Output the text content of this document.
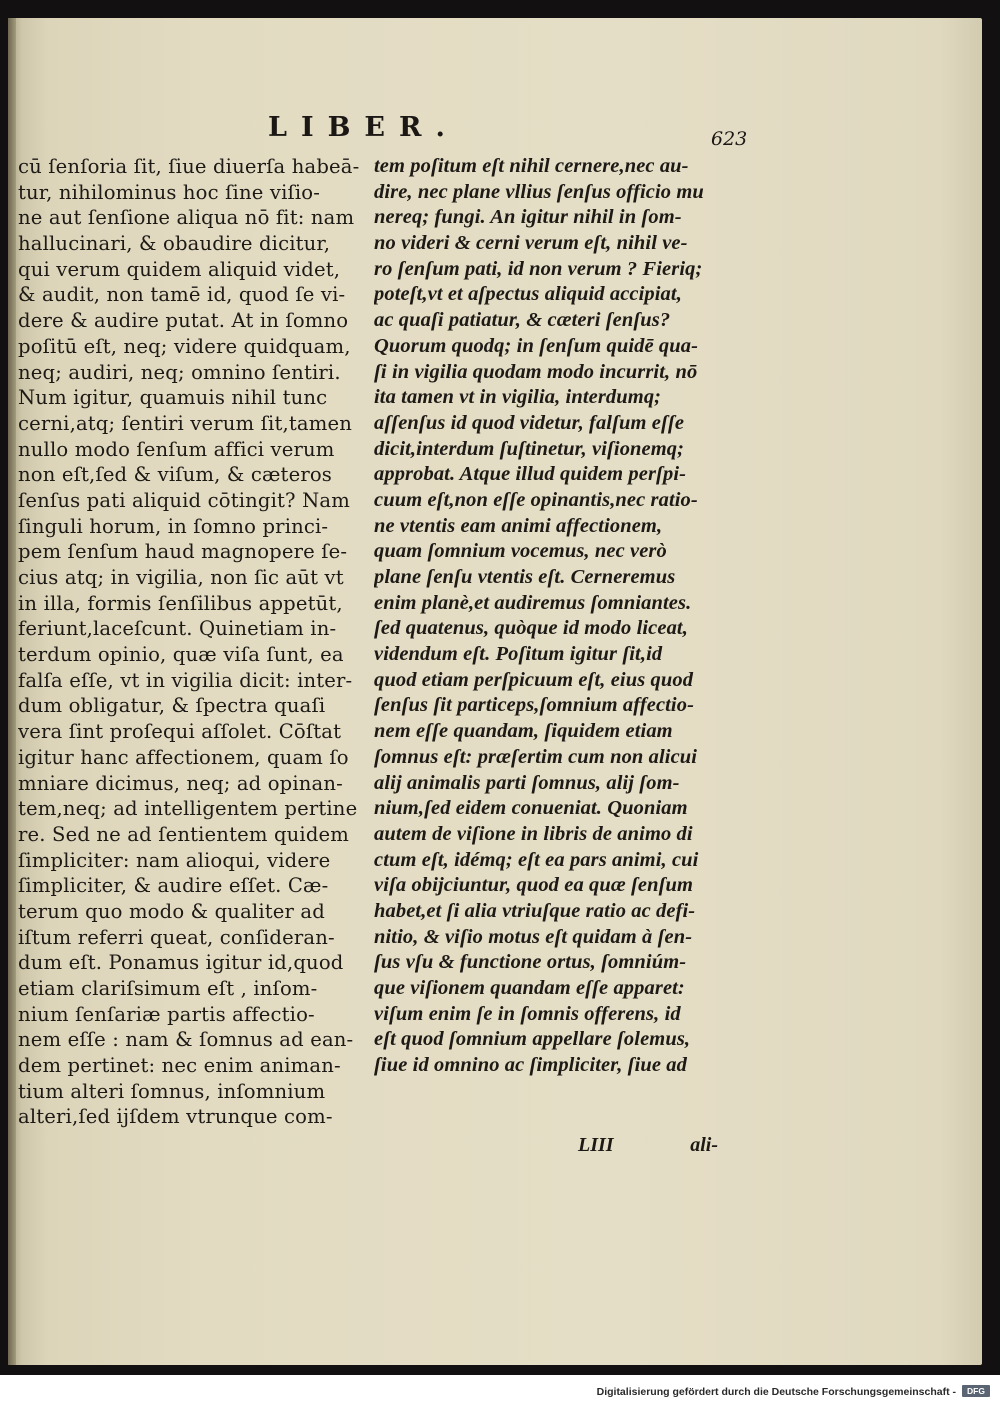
LIBER.	623
cū ſenſoria ſit, ſiue diuerſa habeā-
tur, nihilominus hoc ſine viſio-
ne aut ſenſione aliqua nō fit: nam
hallucinari, & obaudire dicitur,
qui verum quidem aliquid videt,
& audit, non tamē id, quod ſe vi-
dere & audire putat. At in ſomno
poſitū eſt, neq; videre quidquam,
neq; audiri, neq; omnino ſentiri.
Num igitur, quamuis nihil tunc
cerni,atq; ſentiri verum ſit,tamen
nullo modo ſenſum affici verum
non eſt,ſed & viſum, & cæteros
ſenſus pati aliquid cōtingit? Nam
ſinguli horum, in ſomno princi-
pem ſenſum haud magnopere ſe-
cius atq; in vigilia, non ſic aūt vt
in illa, formis ſenſilibus appetūt,
feriunt,laceſcunt. Quinetiam in-
terdum opinio, quæ viſa ſunt, ea
falſa eſſe, vt in vigilia dicit: inter-
dum obligatur, & ſpectra quaſi
vera ſint proſequi aſſolet. Cōſtat
igitur hanc affectionem, quam ſo
mniare dicimus, neq; ad opinan-
tem,neq; ad intelligentem pertine
re. Sed ne ad ſentientem quidem
ſimpliciter: nam alioqui, videre
ſimpliciter, & audire eſſet. Cæ-
terum quo modo & qualiter ad
iſtum referri queat, conſideran-
dum eſt. Ponamus igitur id,quod
etiam clariſsimum eſt , inſom-
nium ſenſariæ partis affectio-
nem eſſe : nam & ſomnus ad ean-
dem pertinet: nec enim animan-
tium alteri ſomnus, inſomnium
alteri,ſed ijſdem vtrunque com-
tem poſitum eſt nihil cernere,nec au-
dire, nec plane vllius ſenſus officio mu
nereq; fungi. An igitur nihil in ſom-
no videri & cerni verum eſt, nihil ve-
ro ſenſum pati, id non verum ? Fieriq;
poteſt,vt et aſpectus aliquid accipiat,
ac quaſi patiatur, & cæteri ſenſus?
Quorum quodq; in ſenſum quidē qua-
ſi in vigilia quodam modo incurrit, nō
ita tamen vt in vigilia, interdumq;
aſſenſus id quod videtur, falſum eſſe
dicit,interdum ſuſtinetur, viſionemq;
approbat. Atque illud quidem perſpi-
cuum eſt,non eſſe opinantis,nec ratio-
ne vtentis eam animi affectionem,
quam ſomnium vocemus, nec verò
plane ſenſu vtentis eſt. Cerneremus
enim planè,et audiremus ſomniantes.
ſed quatenus, quòque id modo liceat,
videndum eſt. Poſitum igitur ſit,id
quod etiam perſpicuum eſt, eius quod
ſenſus ſit particeps,ſomnium affectio-
nem eſſe quandam, ſiquidem etiam
ſomnus eſt: præſertim cum non alicui
alij animalis parti ſomnus, alij ſom-
nium,ſed eidem conueniat. Quoniam
autem de viſione in libris de animo di
ctum eſt, idémq; eſt ea pars animi, cui
viſa obijciuntur, quod ea quæ ſenſum
habet,et ſi alia vtriuſque ratio ac defi-
nitio, & viſio motus eſt quidam à ſen-
ſus vſu & functione ortus, ſomniúm-
que viſionem quandam eſſe apparet:
viſum enim ſe in ſomnis offerens, id
eſt quod ſomnium appellare ſolemus,
ſiue id omnino ac ſimpliciter, ſiue ad
LIII	ali-
Digitalisierung gefördert durch die Deutsche Forschungsgemeinschaft -	DFG
